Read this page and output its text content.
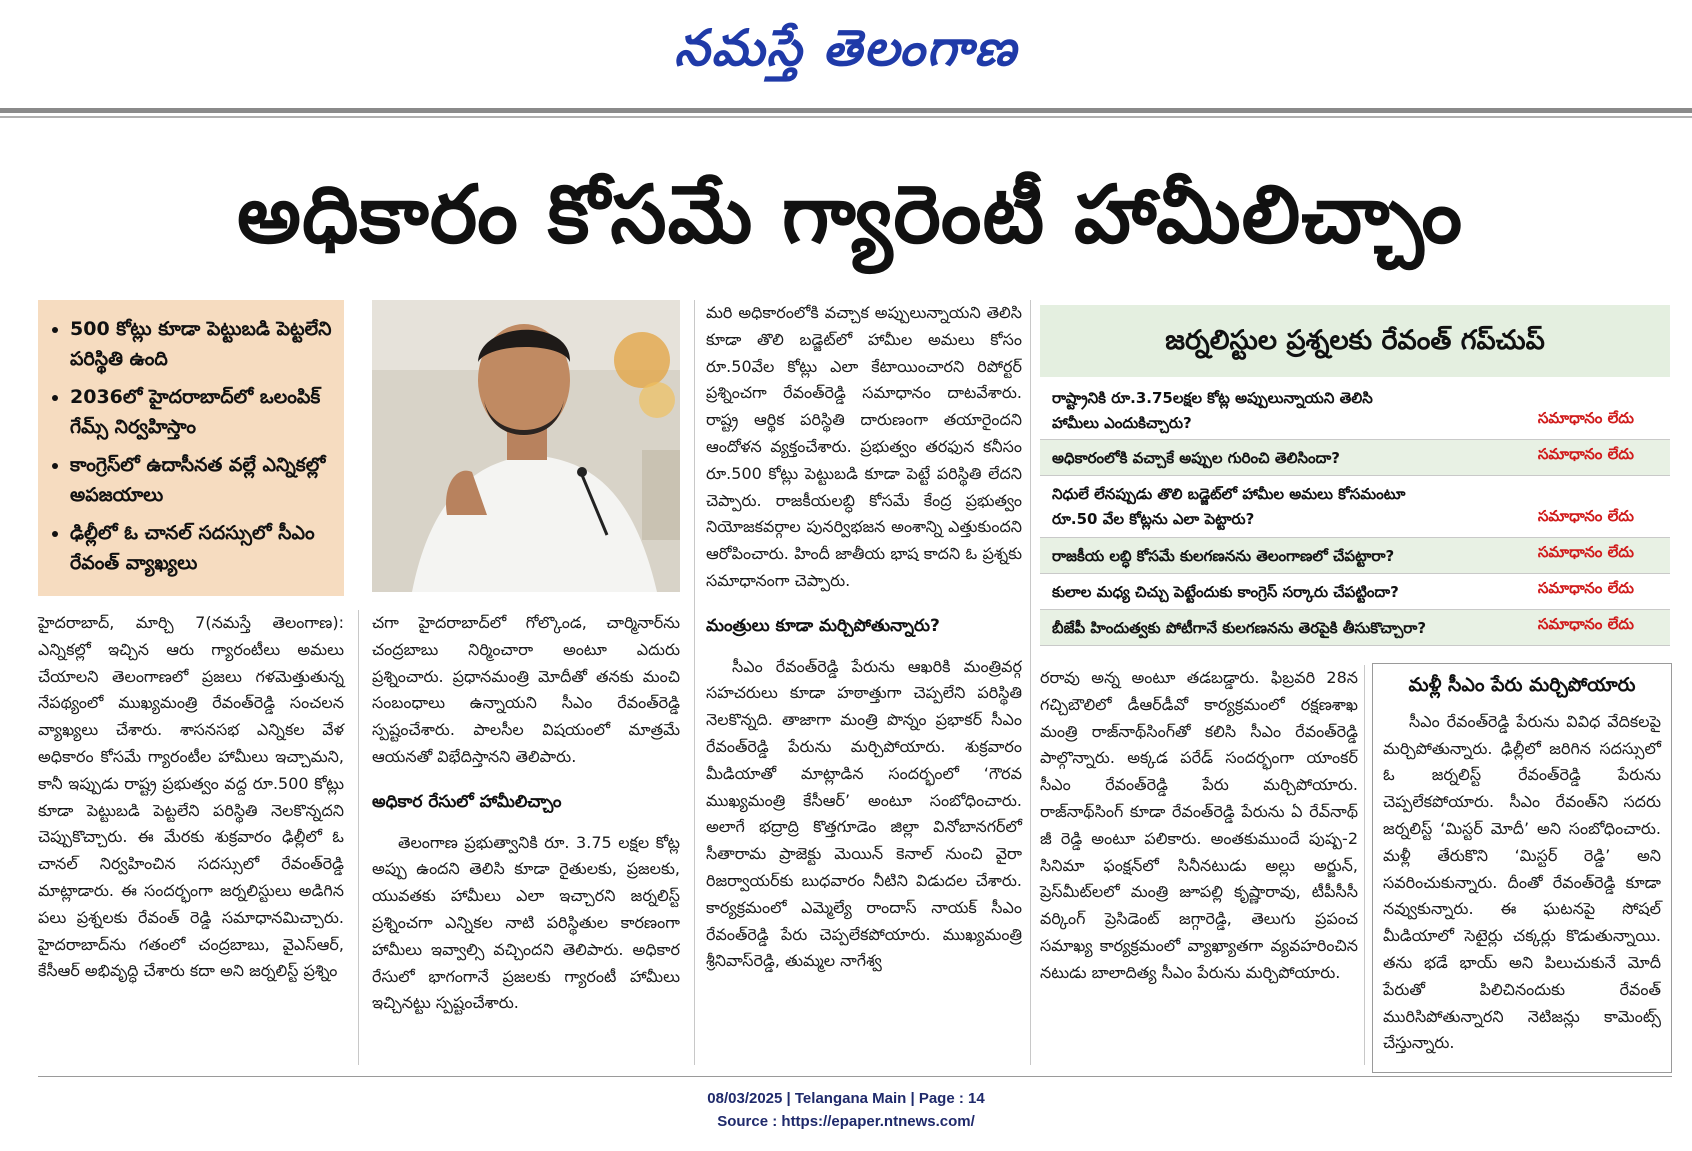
నమస్తే తెలంగాణ
అధికారం కోసమే గ్యారెంటీ హామీలిచ్చాం
• 500 కోట్లు కూడా పెట్టుబడి పెట్టలేని పరిస్థితి ఉంది
• 2036లో హైదరాబాద్‌లో ఒలంపిక్ గేమ్స్ నిర్వహిస్తాం
• కాంగ్రెస్‌లో ఉదాసీనత వల్లే ఎన్నికల్లో అపజయాలు
• ఢిల్లీలో ఓ చానల్ సదస్సులో సీఎం రేవంత్ వ్యాఖ్యలు

హైదరాబాద్, మార్చి 7(నమస్తే తెలంగాణ): ఎన్నికల్లో ఇచ్చిన ఆరు గ్యారంటీలు అమలు చేయాలని తెలంగాణలో ప్రజలు గళమెత్తుతున్న నేపథ్యంలో ముఖ్యమంత్రి రేవంత్‌రెడ్డి సంచలన వ్యాఖ్యలు చేశారు. శాసనసభ ఎన్నికల వేళ అధికారం కోసమే గ్యారంటీల హామీలు ఇచ్చామని, కానీ ఇప్పుడు రాష్ట్ర ప్రభుత్వం వద్ద రూ.500 కోట్లు కూడా పెట్టుబడి పెట్టలేని పరిస్థితి నెలకొన్నదని చెప్పుకొచ్చారు. ఈ మేరకు శుక్రవారం ఢిల్లీలో ఓ చానల్ నిర్వహించిన సదస్సులో రేవంత్‌రెడ్డి మాట్లాడారు. ఈ సందర్భంగా జర్నలిస్టులు అడిగిన పలు ప్రశ్నలకు రేవంత్ రెడ్డి సమాధానమిచ్చారు. హైదరాబాద్‌ను గతంలో చంద్రబాబు, వైఎస్‌ఆర్, కేసీఆర్ అభివృద్ధి చేశారు కదా అని జర్నలిస్ట్ ప్రశ్నిం

చగా హైదరాబాద్‌లో గోల్కొండ, చార్మినార్‌ను చంద్రబాబు నిర్మించారా అంటూ ఎదురు ప్రశ్నించారు. ప్రధానమంత్రి మోదీతో తనకు మంచి సంబంధాలు ఉన్నాయని సీఎం రేవంత్‌రెడ్డి స్పష్టంచేశారు. పాలసీల విషయంలో మాత్రమే ఆయనతో విభేదిస్తానని తెలిపారు.

అధికార రేసులో హామీలిచ్చాం

తెలంగాణ ప్రభుత్వానికి రూ. 3.75 లక్షల కోట్ల అప్పు ఉందని తెలిసి కూడా రైతులకు, ప్రజలకు, యువతకు హామీలు ఎలా ఇచ్చారని జర్నలిస్ట్ ప్రశ్నించగా ఎన్నికల నాటి పరిస్థితుల కారణంగా హామీలు ఇవ్వాల్సి వచ్చిందని తెలిపారు. అధికార రేసులో భాగంగానే ప్రజలకు గ్యారంటీ హామీలు ఇచ్చినట్టు స్పష్టంచేశారు.

మరి అధికారంలోకి వచ్చాక అప్పులున్నాయని తెలిసి కూడా తొలి బడ్జెట్‌లో హామీల అమలు కోసం రూ.50వేల కోట్లు ఎలా కేటాయించారని రిపోర్టర్ ప్రశ్నించగా రేవంత్‌రెడ్డి సమాధానం దాటవేశారు. రాష్ట్ర ఆర్థిక పరిస్థితి దారుణంగా తయారైందని ఆందోళన వ్యక్తంచేశారు. ప్రభుత్వం తరఫున కనీసం రూ.500 కోట్లు పెట్టుబడి కూడా పెట్టే పరిస్థితి లేదని చెప్పారు. రాజకీయలబ్ధి కోసమే కేంద్ర ప్రభుత్వం నియోజకవర్గాల పునర్విభజన అంశాన్ని ఎత్తుకుందని ఆరోపించారు. హిందీ జాతీయ భాష కాదని ఓ ప్రశ్నకు సమాధానంగా చెప్పారు.

మంత్రులు కూడా మర్చిపోతున్నారు?

సీఎం రేవంత్‌రెడ్డి పేరును ఆఖరికి మంత్రివర్గ సహచరులు కూడా హఠాత్తుగా చెప్పలేని పరిస్థితి నెలకొన్నది. తాజాగా మంత్రి పొన్నం ప్రభాకర్ సీఎం రేవంత్‌రెడ్డి పేరును మర్చిపోయారు. శుక్రవారం మీడియాతో మాట్లాడిన సందర్భంలో ‘గౌరవ ముఖ్యమంత్రి కేసీఆర్’ అంటూ సంబోధించారు. అలాగే భద్రాద్రి కొత్తగూడెం జిల్లా వినోబానగర్‌లో సీతారామ ప్రాజెక్టు మెయిన్ కెనాల్ నుంచి వైరా రిజర్వాయర్‌కు బుధవారం నీటిని విడుదల చేశారు. కార్యక్రమంలో ఎమ్మెల్యే రాందాస్ నాయక్ సీఎం రేవంత్‌రెడ్డి పేరు చెప్పలేకపోయారు. ముఖ్యమంత్రి శ్రీనివాస్‌రెడ్డి, తుమ్మల నాగేశ్వ

జర్నలిస్టుల ప్రశ్నలకు రేవంత్ గప్‌చుప్
రాష్ట్రానికి రూ.3.75లక్షల కోట్ల అప్పులున్నాయని తెలిసి హామీలు ఎందుకిచ్చారు?	సమాధానం లేదు
అధికారంలోకి వచ్చాకే అప్పుల గురించి తెలిసిందా?	సమాధానం లేదు
నిధులే లేనప్పుడు తొలి బడ్జెట్‌లో హామీల అమలు కోసమంటూ రూ.50 వేల కోట్లను ఎలా పెట్టారు?	సమాధానం లేదు
రాజకీయ లబ్ధి కోసమే కులగణనను తెలంగాణలో చేపట్టారా?	సమాధానం లేదు
కులాల మధ్య చిచ్చు పెట్టేందుకు కాంగ్రెస్ సర్కారు చేపట్టిందా?	సమాధానం లేదు
బీజేపీ హిందుత్వకు పోటీగానే కులగణనను తెరపైకి తీసుకొచ్చారా?	సమాధానం లేదు

రరావు అన్న అంటూ తడబడ్డారు. ఫిబ్రవరి 28న గచ్చిబౌలిలో డీఆర్‌డీవో కార్యక్రమంలో రక్షణశాఖ మంత్రి రాజ్‌నాథ్‌సింగ్‌తో కలిసి సీఎం రేవంత్‌రెడ్డి పాల్గొన్నారు. అక్కడ పరేడ్ సందర్భంగా యాంకర్ సీఎం రేవంత్‌రెడ్డి పేరు మర్చిపోయారు. రాజ్‌నాథ్‌సింగ్ కూడా రేవంత్‌రెడ్డి పేరును ఏ రేవ్‌నాథ్ జీ రెడ్డి అంటూ పలికారు. అంతకుముందే పుష్ప-2 సినిమా ఫంక్షన్‌లో సినీనటుడు అల్లు అర్జున్, ప్రెస్‌మీట్‌లలో మంత్రి జూపల్లి కృష్ణారావు, టీపీసీసీ వర్కింగ్ ప్రెసిడెంట్ జగ్గారెడ్డి, తెలుగు ప్రపంచ సమాఖ్య కార్యక్రమంలో వ్యాఖ్యాతగా వ్యవహరించిన నటుడు బాలాదిత్య సీఎం పేరును మర్చిపోయారు.

మళ్లీ సీఎం పేరు మర్చిపోయారు

సీఎం రేవంత్‌రెడ్డి పేరును వివిధ వేదికలపై మర్చిపోతున్నారు. ఢిల్లీలో జరిగిన సదస్సులో ఓ జర్నలిస్ట్ రేవంత్‌రెడ్డి పేరును చెప్పలేకపోయారు. సీఎం రేవంత్‌ని సదరు జర్నలిస్ట్ ‘మిస్టర్ మోదీ’ అని సంబోధించారు. మళ్లీ తేరుకొని ‘మిస్టర్ రెడ్డి’ అని సవరించుకున్నారు. దీంతో రేవంత్‌రెడ్డి కూడా నవ్వుకున్నారు. ఈ ఘటనపై సోషల్ మీడియాలో సెటైర్లు చక్కర్లు కొడుతున్నాయి. తను భడే భాయ్ అని పిలుచుకునే మోదీ పేరుతో పిలిచినందుకు రేవంత్ మురిసిపోతున్నారని నెటిజన్లు కామెంట్స్ చేస్తున్నారు.

08/03/2025 | Telangana Main | Page : 14
Source : https://epaper.ntnews.com/
